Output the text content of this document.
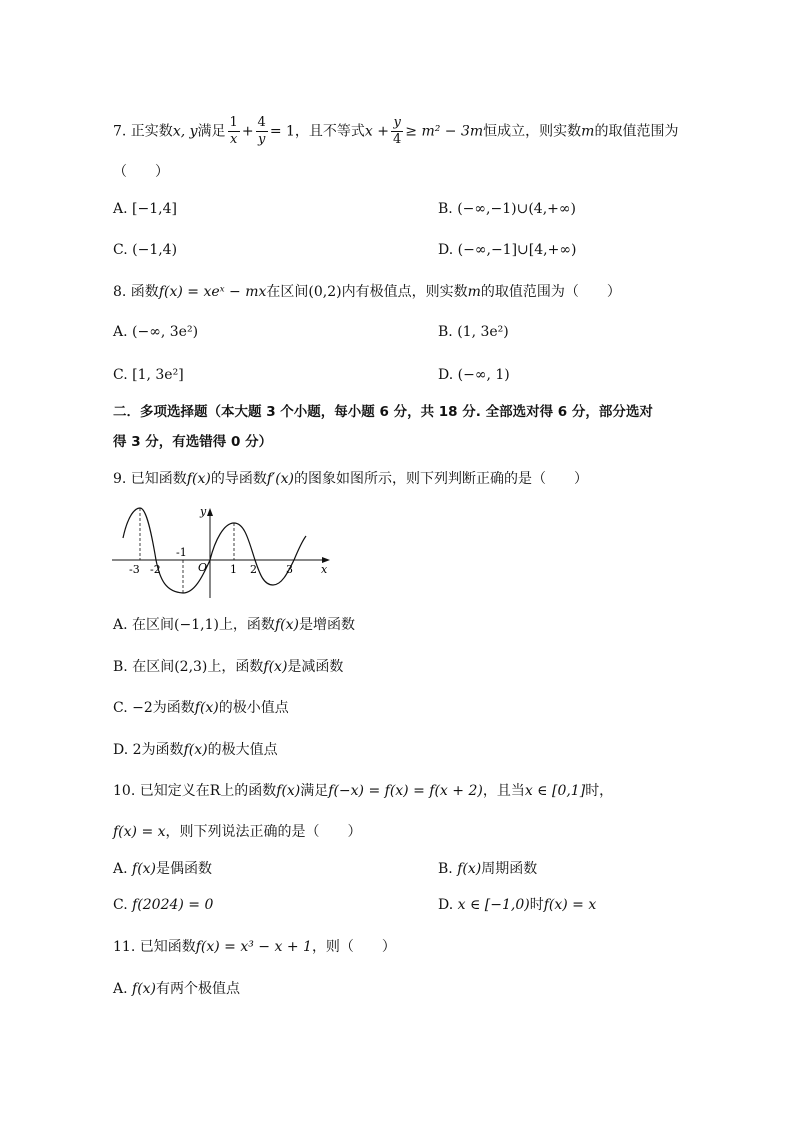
7. 正实数x, y满足 $\frac{1}{x} + \frac{4}{y} = 1$，且不等式$x + \frac{y}{4} \ge m^2 - 3m$恒成立，则实数m的取值范围为
（　　）
A. [−1,4]	B. (−∞,−1)∪(4,+∞)
C. (−1,4)	D. (−∞,−1]∪[4,+∞)
8. 函数f(x) = xeˣ − mx在区间(0,2)内有极值点，则实数m的取值范围为（　　）
A. (−∞, 3e²)	B. (1, 3e²)
C. [1, 3e²]	D. (−∞, 1)
二．多项选择题（本大题 3 个小题，每小题 6 分，共 18 分. 全部选对得 6 分，部分选对
得 3 分，有选错得 0 分）
9. 已知函数f(x)的导函数f′(x)的图象如图所示，则下列判断正确的是（　　）
y
x
O
-3 -2
-1
1 2	3
A. 在区间(−1,1)上，函数f(x)是增函数
B. 在区间(2,3)上，函数f(x)是减函数
C. −2为函数f(x)的极小值点
D. 2为函数f(x)的极大值点
10. 已知定义在R上的函数f(x)满足f(−x) = f(x) = f(x + 2)，且当x ∈ [0,1]时，
f(x) = x，则下列说法正确的是（　　）
A. f(x)是偶函数	B. f(x)周期函数
C. f(2024) = 0	D. x ∈ [−1,0)时f(x) = x
11. 已知函数f(x) = x³ − x + 1，则（　　）
A. f(x)有两个极值点
